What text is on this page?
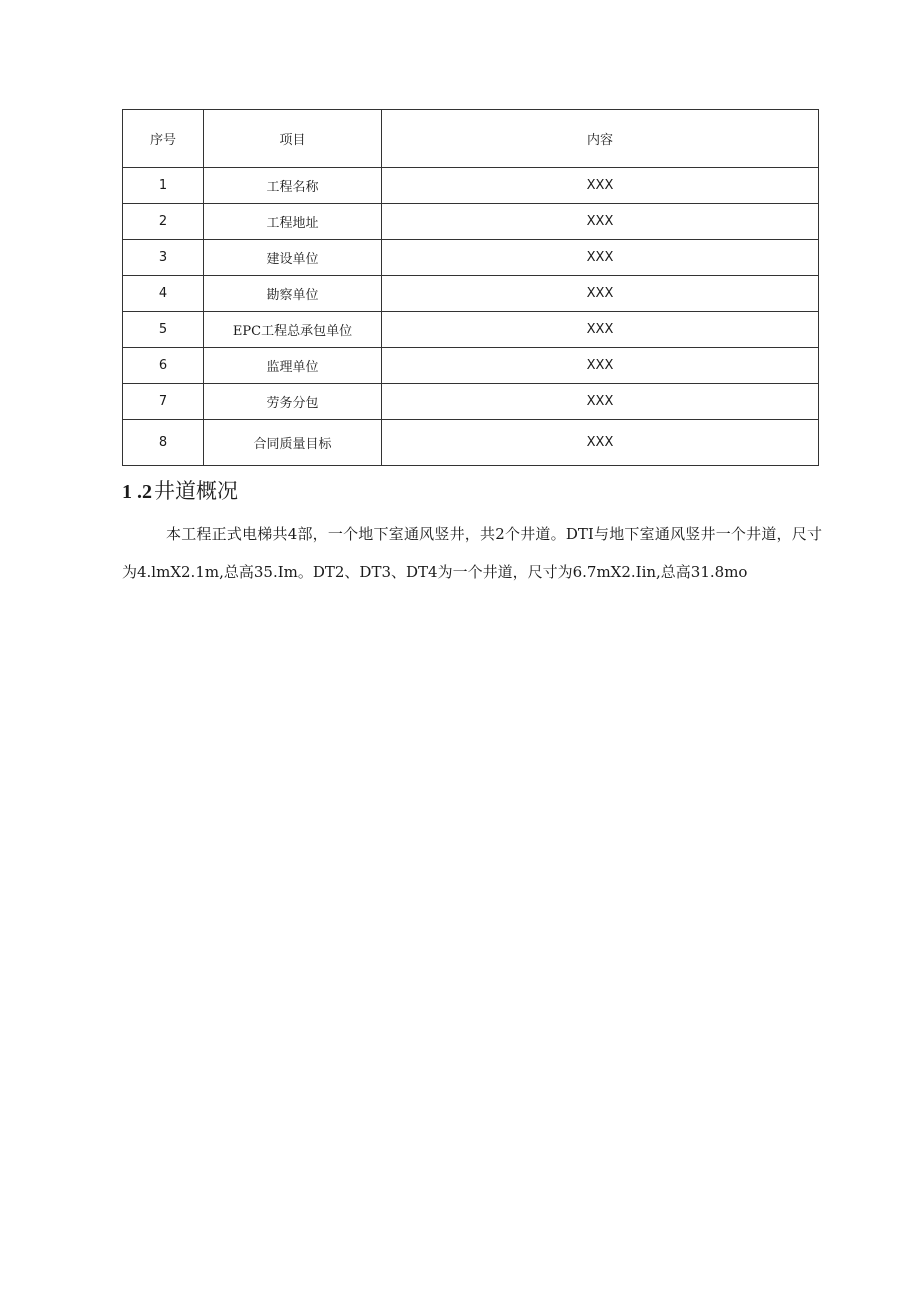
序号	项目	内容
1	工程名称	XXX
2	工程地址	XXX
3	建设单位	XXX
4	勘察单位	XXX
5	EPC工程总承包单位	XXX
6	监理单位	XXX
7	劳务分包	XXX
8	合同质量目标	XXX
1 .2井道概况

本工程正式电梯共4部，一个地下室通风竖井，共2个井道。DTI与地下室通风竖井一个井道，尺寸为4.lmX2.1m,总高35.Im。DT2、DT3、DT4为一个井道，尺寸为6.7mX2.Iin,总高31.8mo
